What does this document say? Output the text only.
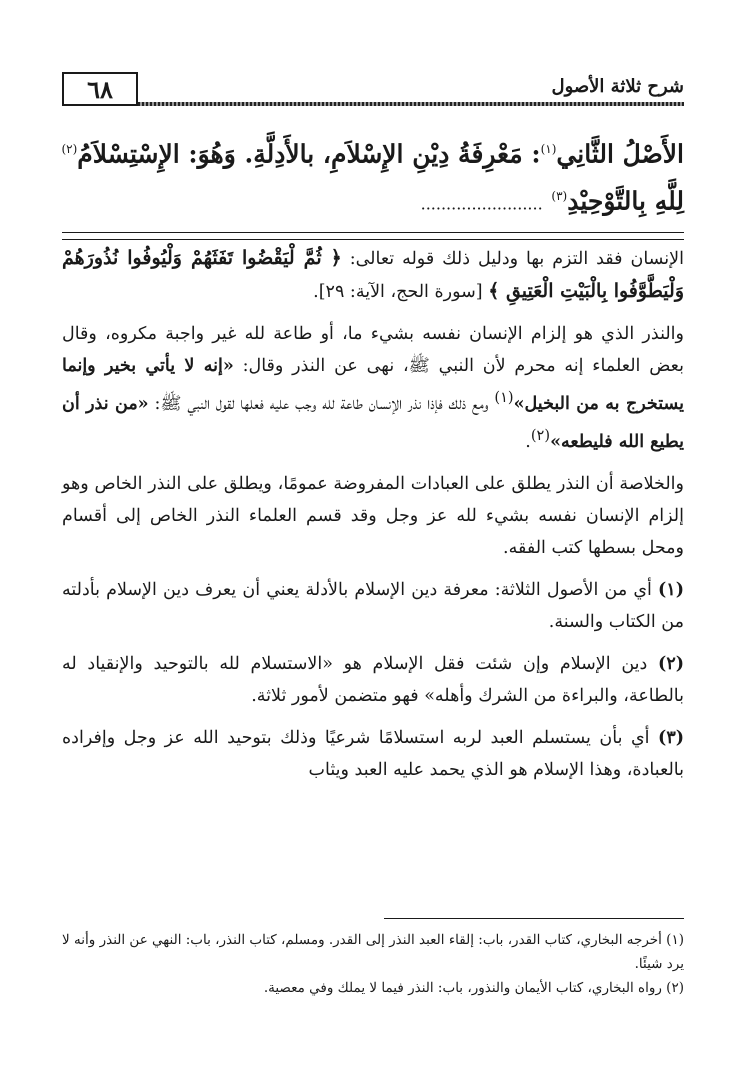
شرح ثلاثة الأصول
٦٨

الأَصْلُ الثَّانِي$^{(١)}$: مَعْرِفَةُ دِيْنِ الإِسْلاَمِ، بالأَدِلَّةِ. وَهُوَ: الإِسْتِسْلاَمُ$^{(٢)}$

لِلَّهِ بِالتَّوْحِيْدِ$^{(٣)}$ ........................

الإنسان فقد التزم بها ودليل ذلك قوله تعالى: ﴿ ثُمَّ لْيَقْضُوا تَفَثَهُمْ وَلْيُوفُوا نُذُورَهُمْ وَلْيَطَّوَّفُوا بِالْبَيْتِ الْعَتِيقِ ﴾ [سورة الحج، الآية: ٢٩].

والنذر الذي هو إلزام الإنسان نفسه بشيء ما، أو طاعة لله غير واجبة مكروه، وقال بعض العلماء إنه محرم لأن النبي ﷺ، نهى عن النذر وقال: «إنه لا يأتي بخير وإنما يستخرج به من البخيل»$^{(١)}$ ومع ذلك فإذا نذر الإنسان طاعة لله وجب عليه فعلها لقول النبي ﷺ: «من نذر أن يطيع الله فليطعه»$^{(٢)}$.

والخلاصة أن النذر يطلق على العبادات المفروضة عمومًا، ويطلق على النذر الخاص وهو إلزام الإنسان نفسه بشيء لله عز وجل وقد قسم العلماء النذر الخاص إلى أقسام ومحل بسطها كتب الفقه.

(١) أي من الأصول الثلاثة: معرفة دين الإسلام بالأدلة يعني أن يعرف دين الإسلام بأدلته من الكتاب والسنة.

(٢) دين الإسلام وإن شئت فقل الإسلام هو «الاستسلام لله بالتوحيد والإنقياد له بالطاعة، والبراءة من الشرك وأهله» فهو متضمن لأمور ثلاثة.

(٣) أي بأن يستسلم العبد لربه استسلامًا شرعيًا وذلك بتوحيد الله عز وجل وإفراده بالعبادة، وهذا الإسلام هو الذي يحمد عليه العبد ويثاب

(١) أخرجه البخاري، كتاب القدر، باب: إلقاء العبد النذر إلى القدر. ومسلم، كتاب النذر، باب: النهي عن النذر وأنه لا يرد شيئًا.

(٢) رواه البخاري، كتاب الأيمان والنذور، باب: النذر فيما لا يملك وفي معصية.
